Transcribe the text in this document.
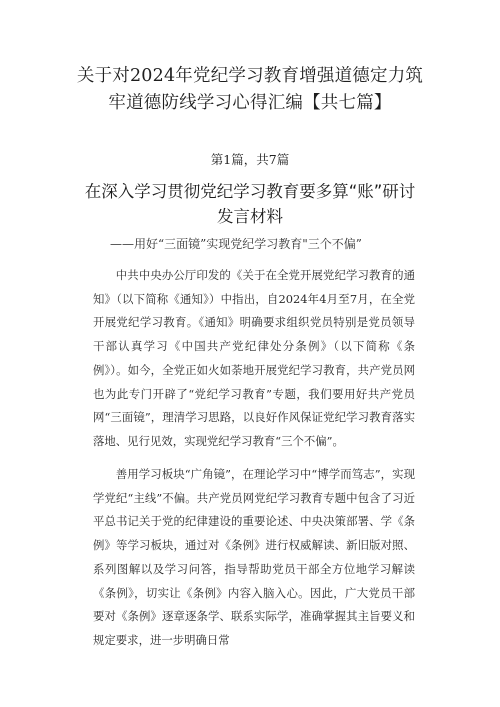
关于对2024年党纪学习教育增强道德定力筑牢道德防线学习心得汇编【共七篇】
第1篇，共7篇
在深入学习贯彻党纪学习教育要多算“账”研讨发言材料
——用好“三面镜”实现党纪学习教育"三个不偏”

中共中央办公厅印发的《关于在全党开展党纪学习教育的通知》（以下简称《通知》）中指出，自2024年4月至7月，在全党开展党纪学习教育。《通知》明确要求组织党员特别是党员领导干部认真学习《中国共产党纪律处分条例》（以下简称《条例》）。如今，全党正如火如荼地开展党纪学习教育，共产党员网也为此专门开辟了“党纪学习教育”专题，我们要用好共产党员网“三面镜”，理清学习思路，以良好作风保证党纪学习教育落实落地、见行见效，实现党纪学习教育“三个不偏”。

善用学习板块“广角镜”，在理论学习中“博学而笃志”，实现学党纪“主线”不偏。共产党员网党纪学习教育专题中包含了习近平总书记关于党的纪律建设的重要论述、中央决策部署、学《条例》等学习板块，通过对《条例》进行权威解读、新旧版对照、系列图解以及学习问答，指导帮助党员干部全方位地学习解读《条例》，切实让《条例》内容入脑入心。因此，广大党员干部要对《条例》逐章逐条学、联系实际学，准确掌握其主旨要义和规定要求，进一步明确日常
